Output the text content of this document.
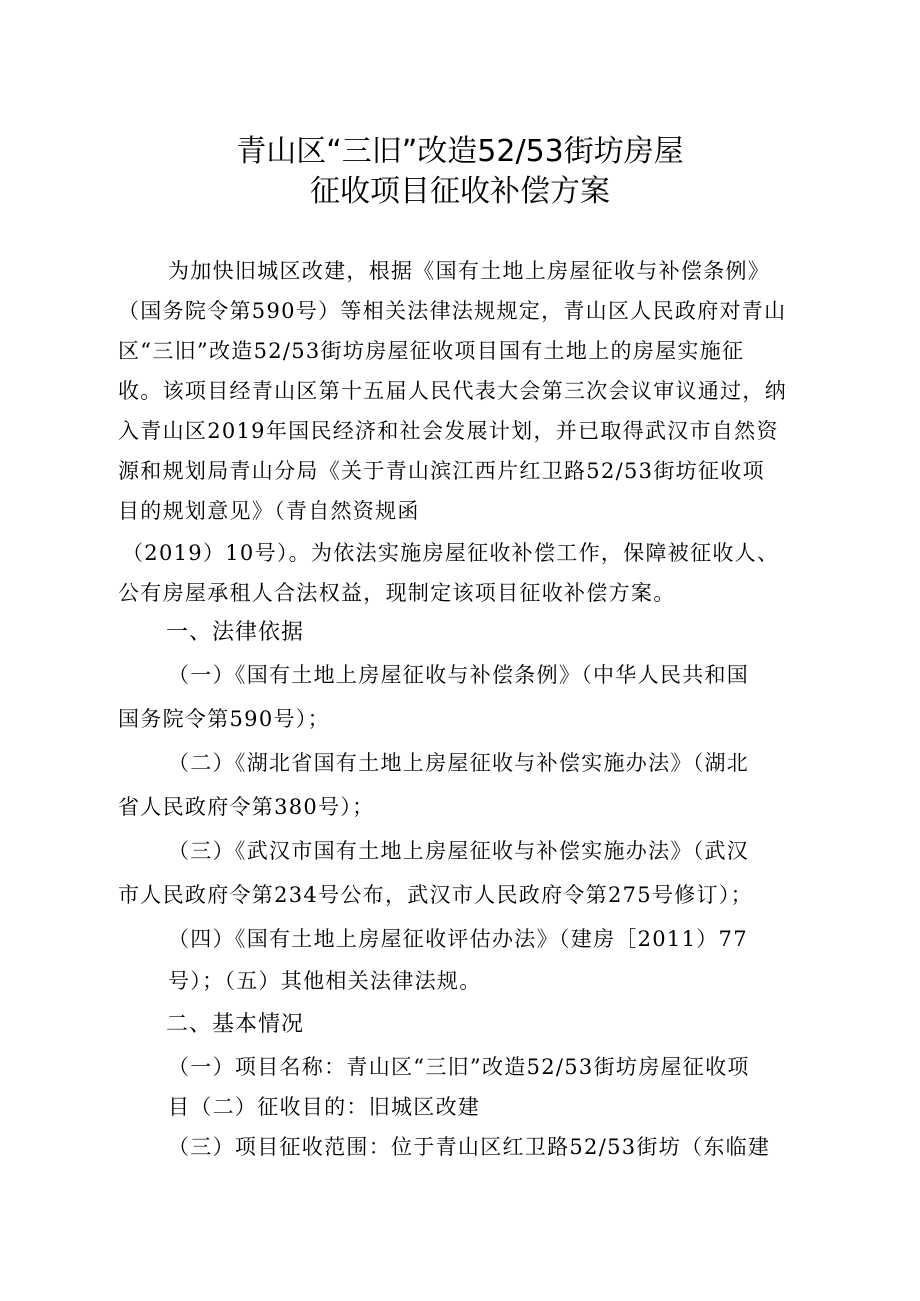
青山区“三旧”改造52/53街坊房屋
征收项目征收补偿方案
为加快旧城区改建，根据《国有土地上房屋征收与补偿条例》
（国务院令第590号）等相关法律法规规定，青山区人民政府对青山
区“三旧”改造52/53街坊房屋征收项目国有土地上的房屋实施征
收。该项目经青山区第十五届人民代表大会第三次会议审议通过，纳
入青山区2019年国民经济和社会发展计划，并已取得武汉市自然资
源和规划局青山分局《关于青山滨江西片红卫路52/53街坊征收项
目的规划意见》（青自然资规函
（2019）10号）。为依法实施房屋征收补偿工作，保障被征收人、
公有房屋承租人合法权益，现制定该项目征收补偿方案。
一、法律依据
（一）《国有土地上房屋征收与补偿条例》（中华人民共和国
国务院令第590号）；
（二）《湖北省国有土地上房屋征收与补偿实施办法》（湖北
省人民政府令第380号）；
（三）《武汉市国有土地上房屋征收与补偿实施办法》（武汉
市人民政府令第234号公布，武汉市人民政府令第275号修订）；
（四）《国有土地上房屋征收评估办法》（建房［2011）77
号）；（五）其他相关法律法规。
二、基本情况
（一）项目名称：青山区“三旧”改造52/53街坊房屋征收项
目（二）征收目的：旧城区改建
（三）项目征收范围：位于青山区红卫路52/53街坊（东临建
